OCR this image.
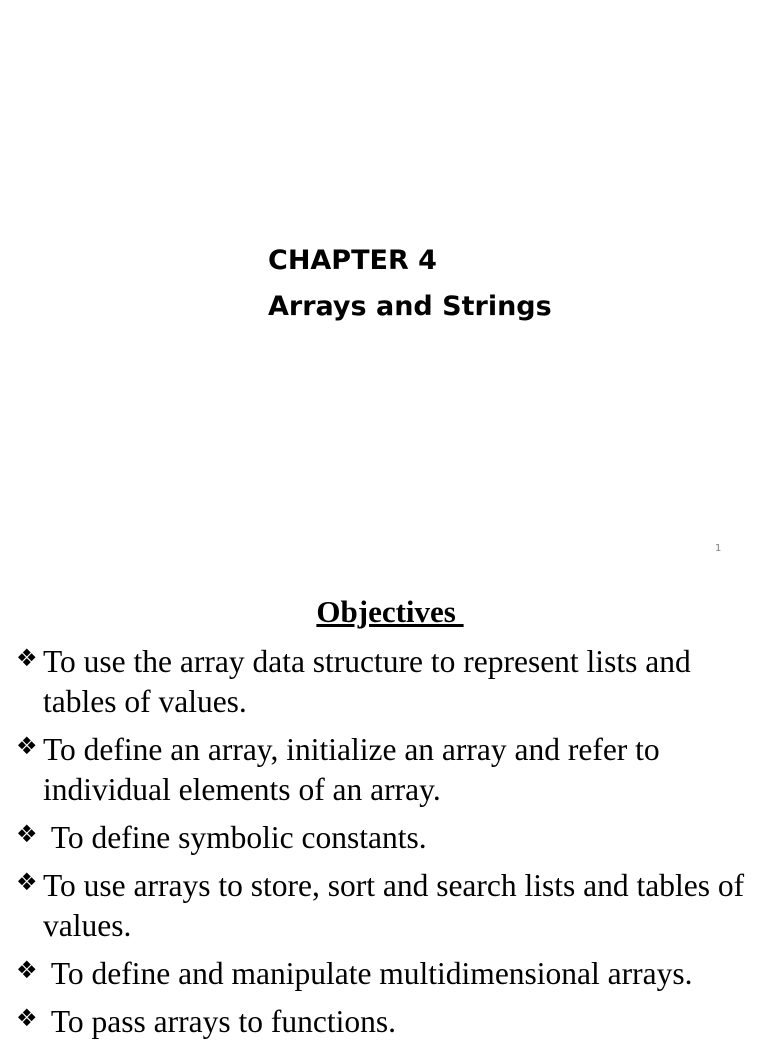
CHAPTER 4
Arrays and Strings
1
Objectives
❖ To use the array data structure to represent lists and tables of values.
❖ To define an array, initialize an array and refer to individual elements of an array.
❖ To define symbolic constants.
❖ To use arrays to store, sort and search lists and tables of values.
❖ To define and manipulate multidimensional arrays.
❖ To pass arrays to functions.
